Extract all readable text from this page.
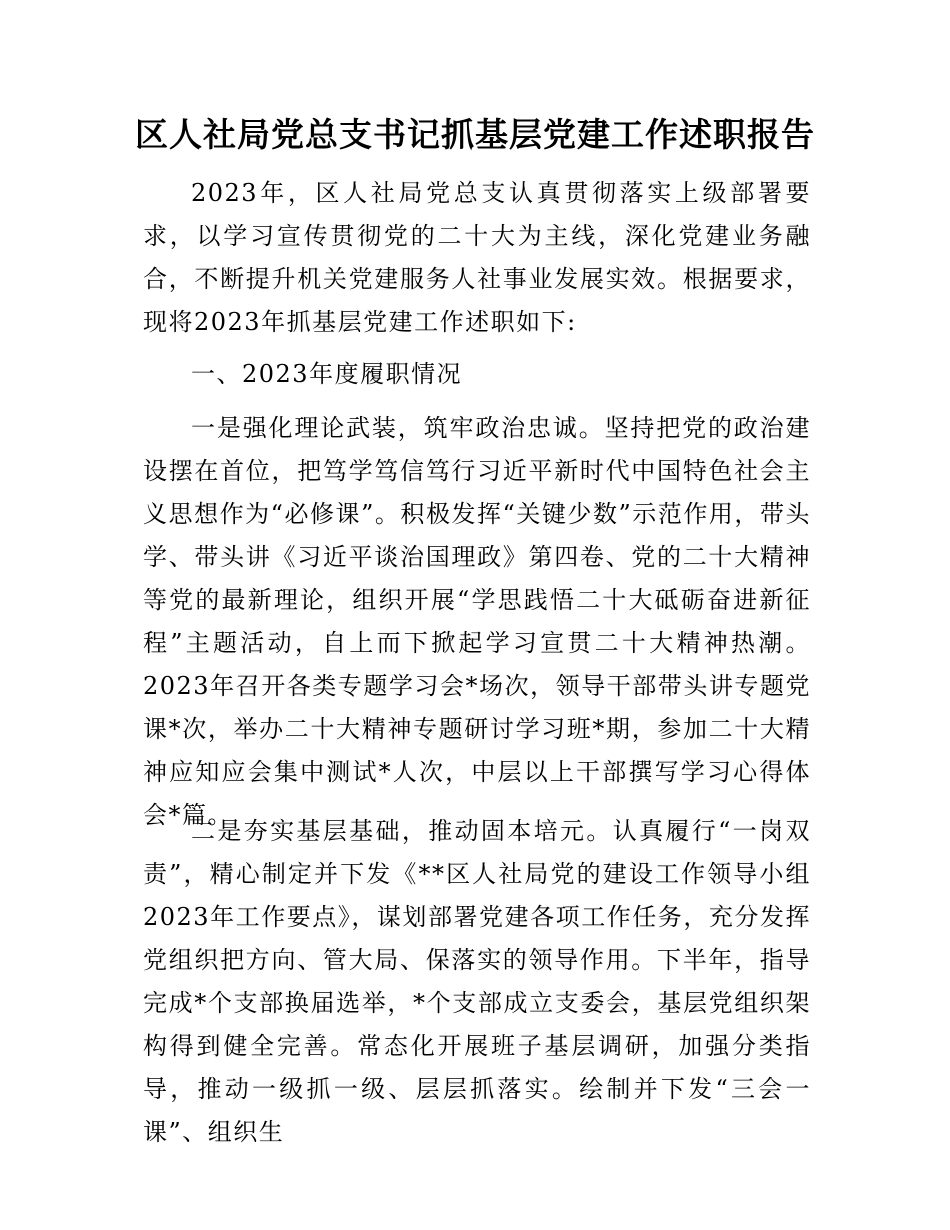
区人社局党总支书记抓基层党建工作述职报告

2023年，区人社局党总支认真贯彻落实上级部署要求，以学习宣传贯彻党的二十大为主线，深化党建业务融合，不断提升机关党建服务人社事业发展实效。根据要求，现将2023年抓基层党建工作述职如下:

一、2023年度履职情况

一是强化理论武装，筑牢政治忠诚。坚持把党的政治建设摆在首位，把笃学笃信笃行习近平新时代中国特色社会主义思想作为“必修课”。积极发挥“关键少数”示范作用，带头学、带头讲《习近平谈治国理政》第四卷、党的二十大精神等党的最新理论，组织开展“学思践悟二十大砥砺奋进新征程”主题活动，自上而下掀起学习宣贯二十大精神热潮。2023年召开各类专题学习会*场次，领导干部带头讲专题党课*次，举办二十大精神专题研讨学习班*期，参加二十大精神应知应会集中测试*人次，中层以上干部撰写学习心得体会*篇。

二是夯实基层基础，推动固本培元。认真履行“一岗双责”，精心制定并下发《**区人社局党的建设工作领导小组2023年工作要点》，谋划部署党建各项工作任务，充分发挥党组织把方向、管大局、保落实的领导作用。下半年，指导完成*个支部换届选举，*个支部成立支委会，基层党组织架构得到健全完善。常态化开展班子基层调研，加强分类指导，推动一级抓一级、层层抓落实。绘制并下发“三会一课”、组织生
